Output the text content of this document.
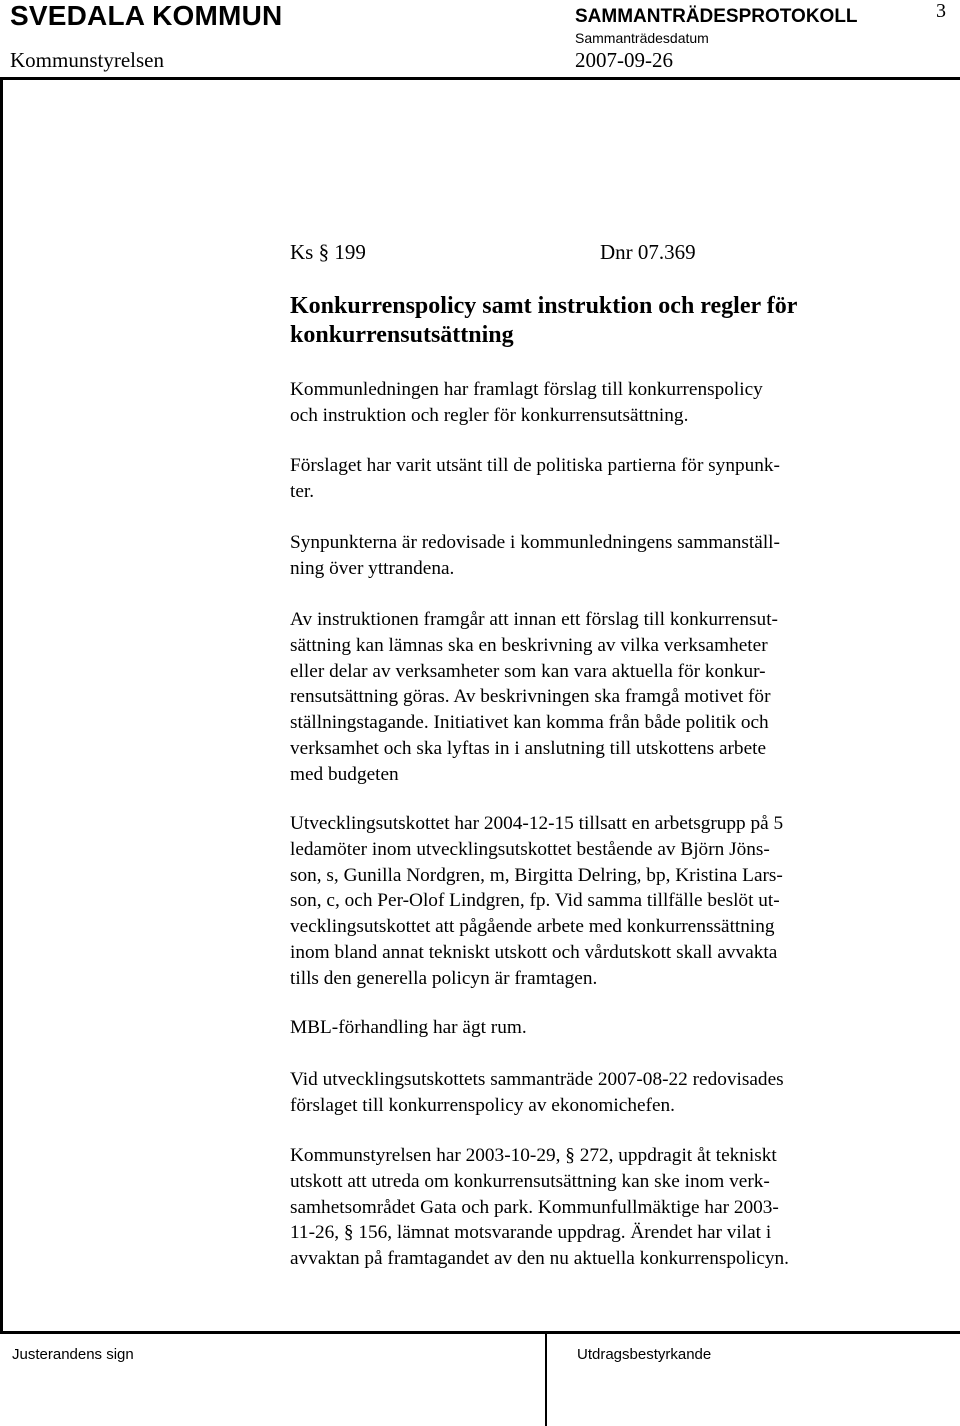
SVEDALA KOMMUN	SAMMANTRÄDESPROTOKOLL	3
Kommunstyrelsen
Sammanträdesdatum
2007-09-26
Ks § 199	Dnr 07.369
Konkurrenspolicy samt instruktion och regler för
konkurrensutsättning
Kommunledningen har framlagt förslag till konkurrenspolicy
och instruktion och regler för konkurrensutsättning.
Förslaget har varit utsänt till de politiska partierna för synpunk-
ter.
Synpunkterna är redovisade i kommunledningens sammanställ-
ning över yttrandena.
Av instruktionen framgår att innan ett förslag till konkurrensut-
sättning kan lämnas ska en beskrivning av vilka verksamheter
eller delar av verksamheter som kan vara aktuella för konkur-
rensutsättning göras. Av beskrivningen ska framgå motivet för
ställningstagande. Initiativet kan komma från både politik och
verksamhet och ska lyftas in i anslutning till utskottens arbete
med budgeten
Utvecklingsutskottet har 2004-12-15 tillsatt en arbetsgrupp på 5
ledamöter inom utvecklingsutskottet bestående av Björn Jöns-
son, s, Gunilla Nordgren, m, Birgitta Delring, bp, Kristina Lars-
son, c, och Per-Olof Lindgren, fp. Vid samma tillfälle beslöt ut-
vecklingsutskottet att pågående arbete med konkurrenssättning
inom bland annat tekniskt utskott och vårdutskott skall avvakta
tills den generella policyn är framtagen.
MBL-förhandling har ägt rum.
Vid utvecklingsutskottets sammanträde 2007-08-22 redovisades
förslaget till konkurrenspolicy av ekonomichefen.
Kommunstyrelsen har 2003-10-29, § 272, uppdragit åt tekniskt
utskott att utreda om konkurrensutsättning kan ske inom verk-
samhetsområdet Gata och park. Kommunfullmäktige har 2003-
11-26, § 156, lämnat motsvarande uppdrag. Ärendet har vilat i
avvaktan på framtagandet av den nu aktuella konkurrenspolicyn.
Justerandens sign	Utdragsbestyrkande
